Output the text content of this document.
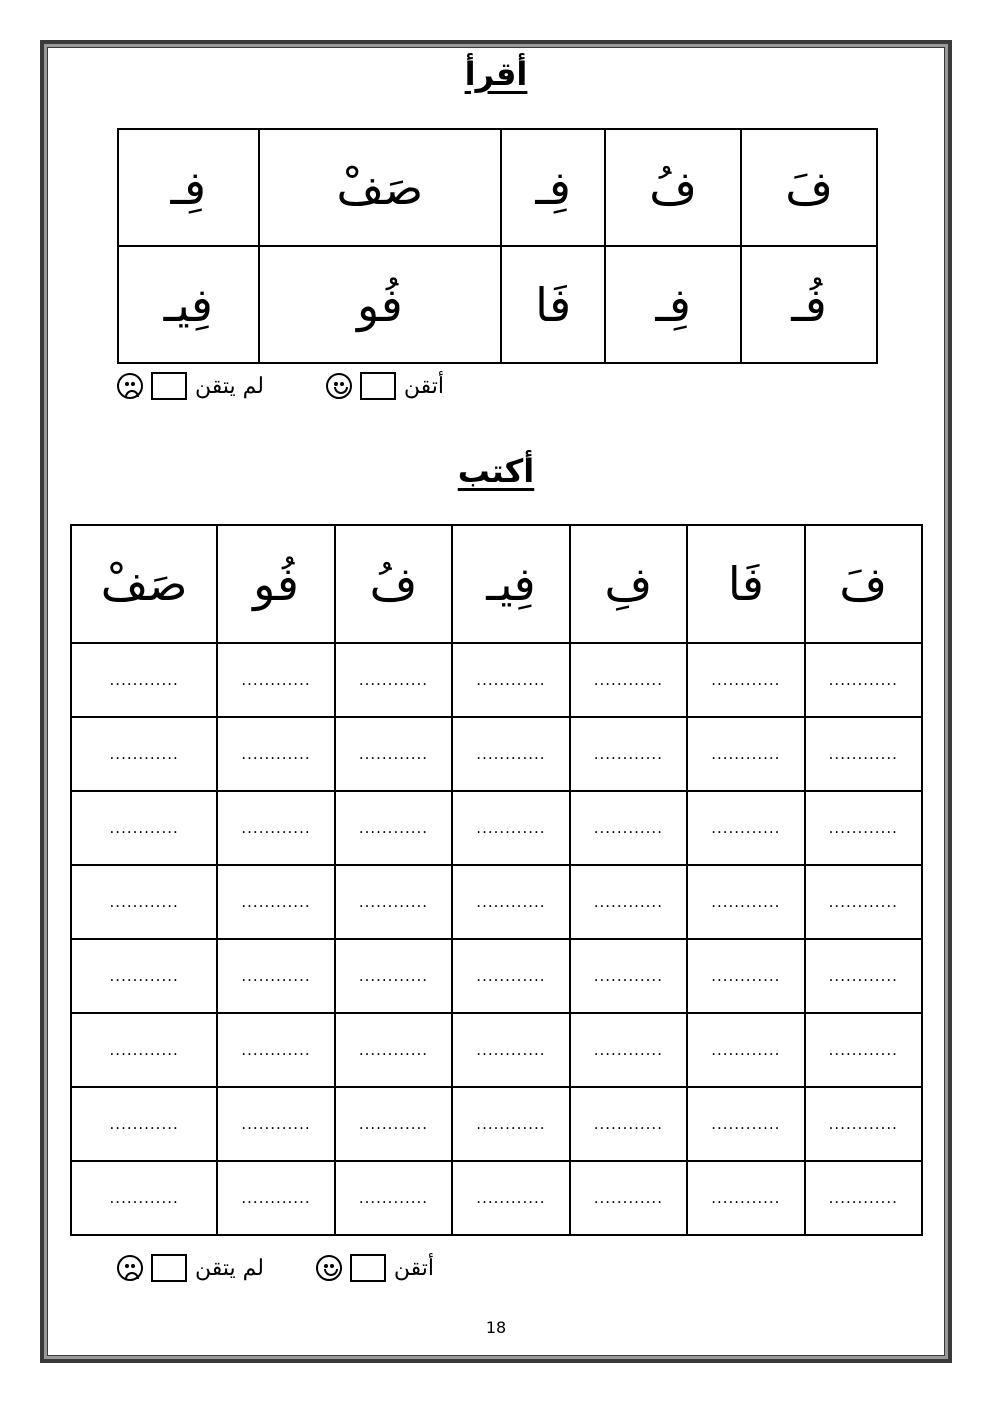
أقرأ
فَ	فُ	فِـ	صَفْ	فِـ
فُـ	فِـ	فَا	فُو	فِيـ
أتقن
لم يتقن
أكتب
فَ	فَا	فِ	فِيـ	فُ	فُو	صَفْ
............	............	............	............	............	............	............
............	............	............	............	............	............	............
............	............	............	............	............	............	............
............	............	............	............	............	............	............
............	............	............	............	............	............	............
............	............	............	............	............	............	............
............	............	............	............	............	............	............
............	............	............	............	............	............	............
أتقن
لم يتقن
18
